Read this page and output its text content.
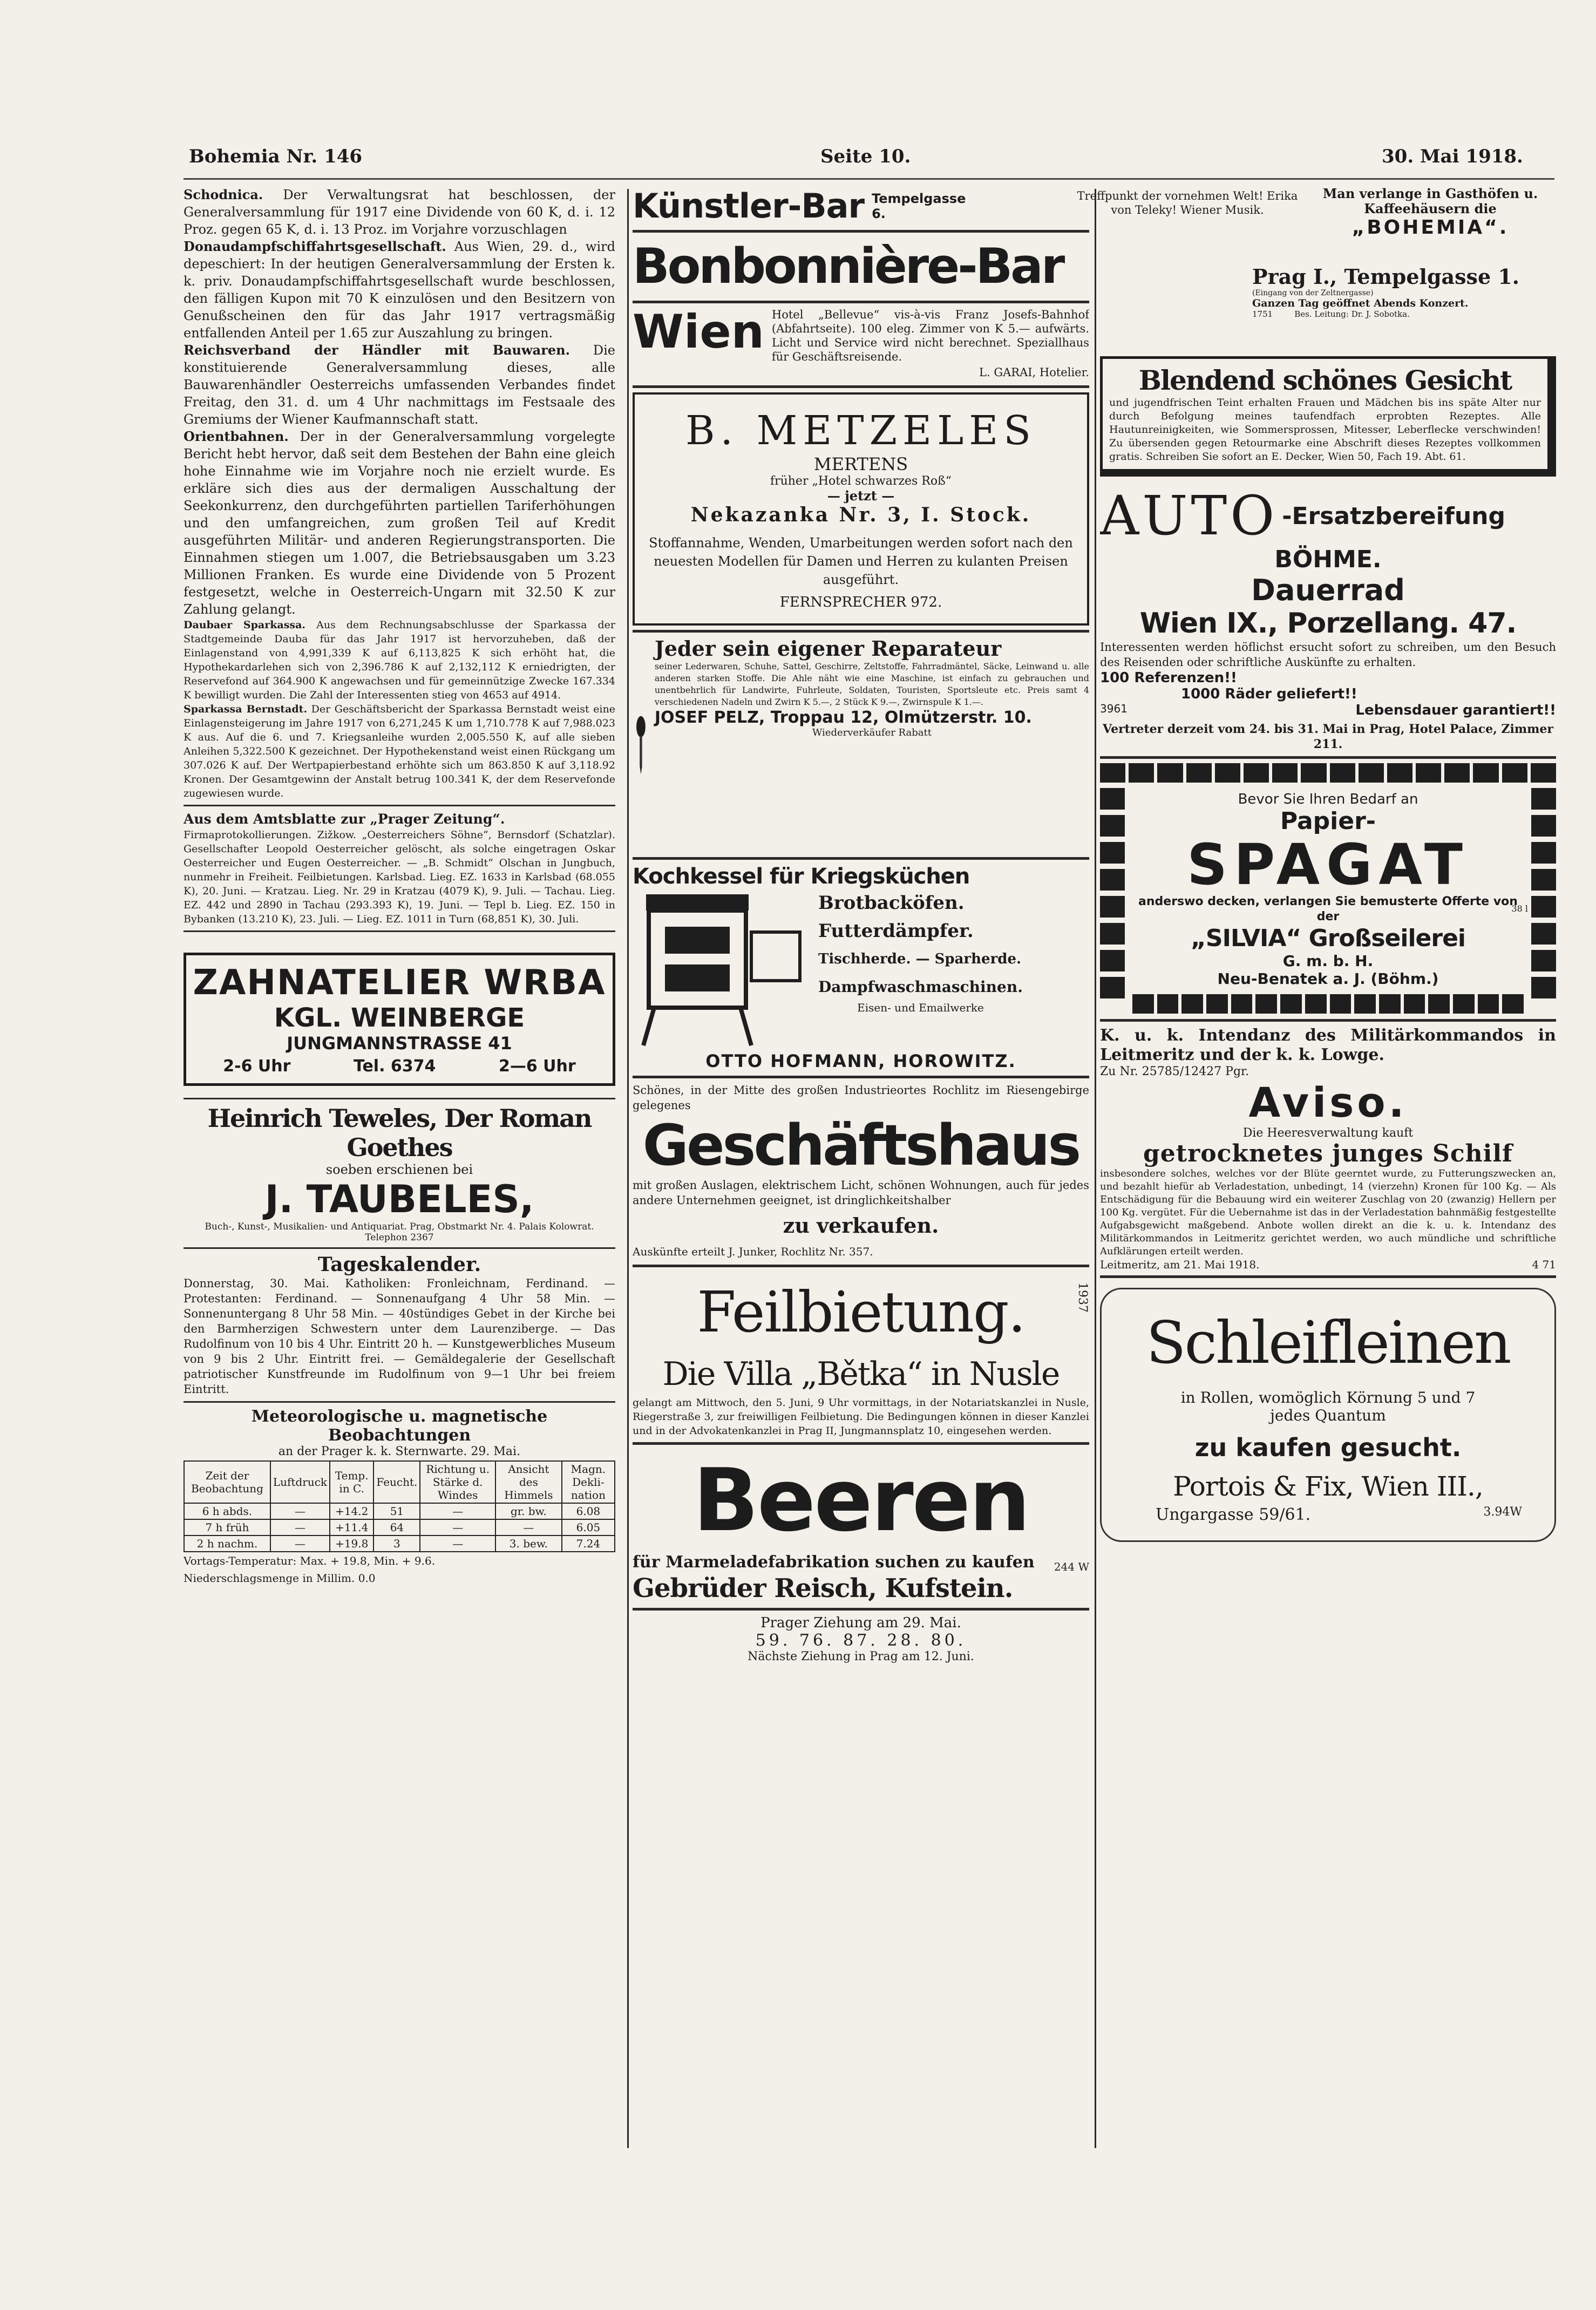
Bohemia Nr. 146	Seite 10.	30. Mai 1918.

Schodnica. Der Verwaltungsrat hat beschlossen, der Generalversammlung für 1917 eine Dividende von 60 K, d. i. 12 Proz. gegen 65 K, d. i. 13 Proz. im Vorjahre vorzuschlagen

Donaudampfschiffahrtsgesellschaft. Aus Wien, 29. d., wird depeschiert: In der heutigen Generalversammlung der Ersten k. k. priv. Donaudampfschiffahrtsgesellschaft wurde beschlossen, den fälligen Kupon mit 70 K einzulösen und den Besitzern von Genußscheinen den für das Jahr 1917 vertragsmäßig entfallenden Anteil per 1.65 zur Auszahlung zu bringen.

Reichsverband der Händler mit Bauwaren. Die konstituierende Generalversammlung dieses, alle Bauwarenhändler Oesterreichs umfassenden Verbandes findet Freitag, den 31. d. um 4 Uhr nachmittags im Festsaale des Gremiums der Wiener Kaufmannschaft statt.

Orientbahnen. Der in der Generalversammlung vorgelegte Bericht hebt hervor, daß seit dem Bestehen der Bahn eine gleich hohe Einnahme wie im Vorjahre noch nie erzielt wurde. Es erkläre sich dies aus der dermaligen Ausschaltung der Seekonkurrenz, den durchgeführten partiellen Tariferhöhungen und den umfangreichen, zum großen Teil auf Kredit ausgeführten Militär- und anderen Regierungstransporten. Die Einnahmen stiegen um 1.007, die Betriebsausgaben um 3.23 Millionen Franken. Es wurde eine Dividende von 5 Prozent festgesetzt, welche in Oesterreich-Ungarn mit 32.50 K zur Zahlung gelangt.

Daubaer Sparkassa. Aus dem Rechnungsabschlusse der Sparkassa der Stadtgemeinde Dauba für das Jahr 1917 ist hervorzuheben, daß der Einlagenstand von 4,991,339 K auf 6,113,825 K sich erhöht hat, die Hypothekardarlehen sich von 2,396.786 K auf 2,132,112 K erniedrigten, der Reservefond auf 364.900 K angewachsen und für gemeinnützige Zwecke 167.334 K bewilligt wurden. Die Zahl der Interessenten stieg von 4653 auf 4914.

Sparkassa Bernstadt. Der Geschäftsbericht der Sparkassa Bernstadt weist eine Einlagensteigerung im Jahre 1917 von 6,271,245 K um 1,710.778 K auf 7,988.023 K aus. Auf die 6. und 7. Kriegsanleihe wurden 2,005.550 K, auf alle sieben Anleihen 5,322.500 K gezeichnet. Der Hypothekenstand weist einen Rückgang um 307.026 K auf. Der Wertpapierbestand erhöhte sich um 863.850 K auf 3,118.92 Kronen. Der Gesamtgewinn der Anstalt betrug 100.341 K, der dem Reservefonde zugewiesen wurde.

Aus dem Amtsblatte zur „Prager Zeitung“.

Firmaprotokollierungen. Zižkow. „Oesterreichers Söhne“, Bernsdorf (Schatzlar). Gesellschafter Leopold Oesterreicher gelöscht, als solche eingetragen Oskar Oesterreicher und Eugen Oesterreicher. — „B. Schmidt“ Olschan in Jungbuch, nunmehr in Freiheit. Feilbietungen. Karlsbad. Lieg. EZ. 1633 in Karlsbad (68.055 K), 20. Juni. — Kratzau. Lieg. Nr. 29 in Kratzau (4079 K), 9. Juli. — Tachau. Lieg. EZ. 442 und 2890 in Tachau (293.393 K), 19. Juni. — Tepl b. Lieg. EZ. 150 in Bybanken (13.210 K), 23. Juli. — Lieg. EZ. 1011 in Turn (68,851 K), 30. Juli.

ZAHNATELIER WRBA
KGL. WEINBERGE
JUNGMANNSTRASSE 41
2-6 Uhr	Tel. 6374	2—6 Uhr
Heinrich Teweles, Der Roman Goethes
soeben erschienen bei
J. TAUBELES,
Buch-, Kunst-, Musikalien- und Antiquariat. Prag, Obstmarkt Nr. 4. Palais Kolowrat. Telephon 2367
Tageskalender.

Donnerstag, 30. Mai. Katholiken: Fronleichnam, Ferdinand. — Protestanten: Ferdinand. — Sonnenaufgang 4 Uhr 58 Min. — Sonnenuntergang 8 Uhr 58 Min. — 40stündiges Gebet in der Kirche bei den Barmherzigen Schwestern unter dem Laurenziberge. — Das Rudolfinum von 10 bis 4 Uhr. Eintritt 20 h. — Kunstgewerbliches Museum von 9 bis 2 Uhr. Eintritt frei. — Gemäldegalerie der Gesellschaft patriotischer Kunstfreunde im Rudolfinum von 9—1 Uhr bei freiem Eintritt.

Meteorologische u. magnetische Beobachtungen
an der Prager k. k. Sternwarte. 29. Mai.
Zeit der Beobachtung	Luftdruck	Temp. in C.	Feucht.	Richtung u. Stärke d. Windes	Ansicht des Himmels	Magn. Dekli-nation
6 h abds.	—	+14.2	51	—	gr. bw.	6.08
7 h früh	—	+11.4	64	—	—	6.05
2 h nachm.	—	+19.8	3	—	3. bew.	7.24

Vortags-Temperatur: Max. + 19.8, Min. + 9.6.

Niederschlagsmenge in Millim. 0.0

Künstler-Bar Tempelgasse 6.
Bonbonnière-Bar
Wien Hotel „Bellevue“ vis-à-vis Franz Josefs-Bahnhof (Abfahrtseite). 100 eleg. Zimmer von K 5.— aufwärts. Licht und Service wird nicht berechnet. Speziallhaus für Geschäftsreisende.

L. GARAI, Hotelier.

B. METZELES
MERTENS
früher „Hotel schwarzes Roß“
— jetzt —
Nekazanka Nr. 3, I. Stock.

Stoffannahme, Wenden, Umarbeitungen werden sofort nach den neuesten Modellen für Damen und Herren zu kulanten Preisen ausgeführt.

FERNSPRECHER 972.
Jeder sein eigener Reparateur

seiner Lederwaren, Schuhe, Sattel, Geschirre, Zeltstoffe, Fahrradmäntel, Säcke, Leinwand u. alle anderen starken Stoffe. Die Ahle näht wie eine Maschine, ist einfach zu gebrauchen und unentbehrlich für Landwirte, Fuhrleute, Soldaten, Touristen, Sportsleute etc. Preis samt 4 verschiedenen Nadeln und Zwirn K 5.—, 2 Stück K 9.—, Zwirnspule K 1.—.

JOSEF PELZ, Troppau 12, Olmützerstr. 10.
Wiederverkäufer Rabatt
Kochkessel für Kriegsküchen
Brotbacköfen.
Futterdämpfer.
Tischherde. — Sparherde.
Dampfwaschmaschinen.
Eisen- und Emailwerke
OTTO HOFMANN, HOROWITZ.

Schönes, in der Mitte des großen Industrieortes Rochlitz im Riesengebirge gelegenes

Geschäftshaus

mit großen Auslagen, elektrischem Licht, schönen Wohnungen, auch für jedes andere Unternehmen geeignet, ist dringlichkeitshalber

zu verkaufen.

Auskünfte erteilt J. Junker, Rochlitz Nr. 357.

Feilbietung.	1937
Die Villa „Bětka“ in Nusle

gelangt am Mittwoch, den 5. Juni, 9 Uhr vormittags, in der Notariatskanzlei in Nusle, Riegerstraße 3, zur freiwilligen Feilbietung. Die Bedingungen können in dieser Kanzlei und in der Advokatenkanzlei in Prag II, Jungmannsplatz 10, eingesehen werden.

Beeren

für Marmeladefabrikation suchen zu kaufen 244 W
Gebrüder Reisch, Kufstein.
Prager Ziehung am 29. Mai.
59. 76. 87. 28. 80.
Nächste Ziehung in Prag am 12. Juni.

Treffpunkt der vornehmen Welt! Erika von Teleky! Wiener Musik.

Man verlange in Gasthöfen u. Kaffeehäusern die

„BOHEMIA“.
Prag I., Tempelgasse 1.
(Eingang von der Zeltnergasse)
Ganzen Tag geöffnet Abends Konzert.
1751	Bes. Leitung: Dr. J. Sobotka.
Blendend schönes Gesicht

und jugendfrischen Teint erhalten Frauen und Mädchen bis ins späte Alter nur durch Befolgung meines taufendfach erprobten Rezeptes. Alle Hautunreinigkeiten, wie Sommersprossen, Mitesser, Leberflecke verschwinden! Zu übersenden gegen Retourmarke eine Abschrift dieses Rezeptes vollkommen gratis. Schreiben Sie sofort an E. Decker, Wien 50, Fach 19. Abt. 61.

AUTO -Ersatzbereifung
BÖHME.
Dauerrad
Wien IX., Porzellang. 47.

Interessenten werden höflichst ersucht sofort zu schreiben, um den Besuch des Reisenden oder schriftliche Auskünfte zu erhalten.

100 Referenzen!!
1000 Räder geliefert!!
3961	Lebensdauer garantiert!!

Vertreter derzeit vom 24. bis 31. Mai in Prag, Hotel Palace, Zimmer 211.

Bevor Sie Ihren Bedarf an
Papier-
SPAGAT

anderswo decken, verlangen Sie bemusterte Offerte von der

„SILVIA“ Großseilerei
G. m. b. H.
Neu-Benatek a. J. (Böhm.)
38 l

K. u. k. Intendanz des Militärkommandos in Leitmeritz und der k. k. Lowge.

Zu Nr. 25785/12427 Pgr.
Aviso.
Die Heeresverwaltung kauft
getrocknetes junges Schilf

insbesondere solches, welches vor der Blüte geerntet wurde, zu Futterungszwecken an, und bezahlt hiefür ab Verladestation, unbedingt, 14 (vierzehn) Kronen für 100 Kg. — Als Entschädigung für die Bebauung wird ein weiterer Zuschlag von 20 (zwanzig) Hellern per 100 Kg. vergütet. Für die Uebernahme ist das in der Verladestation bahnmäßig festgestellte Aufgabsgewicht maßgebend. Anbote wollen direkt an die k. u. k. Intendanz des Militärkommandos in Leitmeritz gerichtet werden, wo auch mündliche und schriftliche Aufklärungen erteilt werden.

Leitmeritz, am 21. Mai 1918.	4 71
Schleifleinen
in Rollen, womöglich Körnung 5 und 7
jedes Quantum
zu kaufen gesucht.
Portois & Fix, Wien III.,
Ungargasse 59/61.	3.94W
